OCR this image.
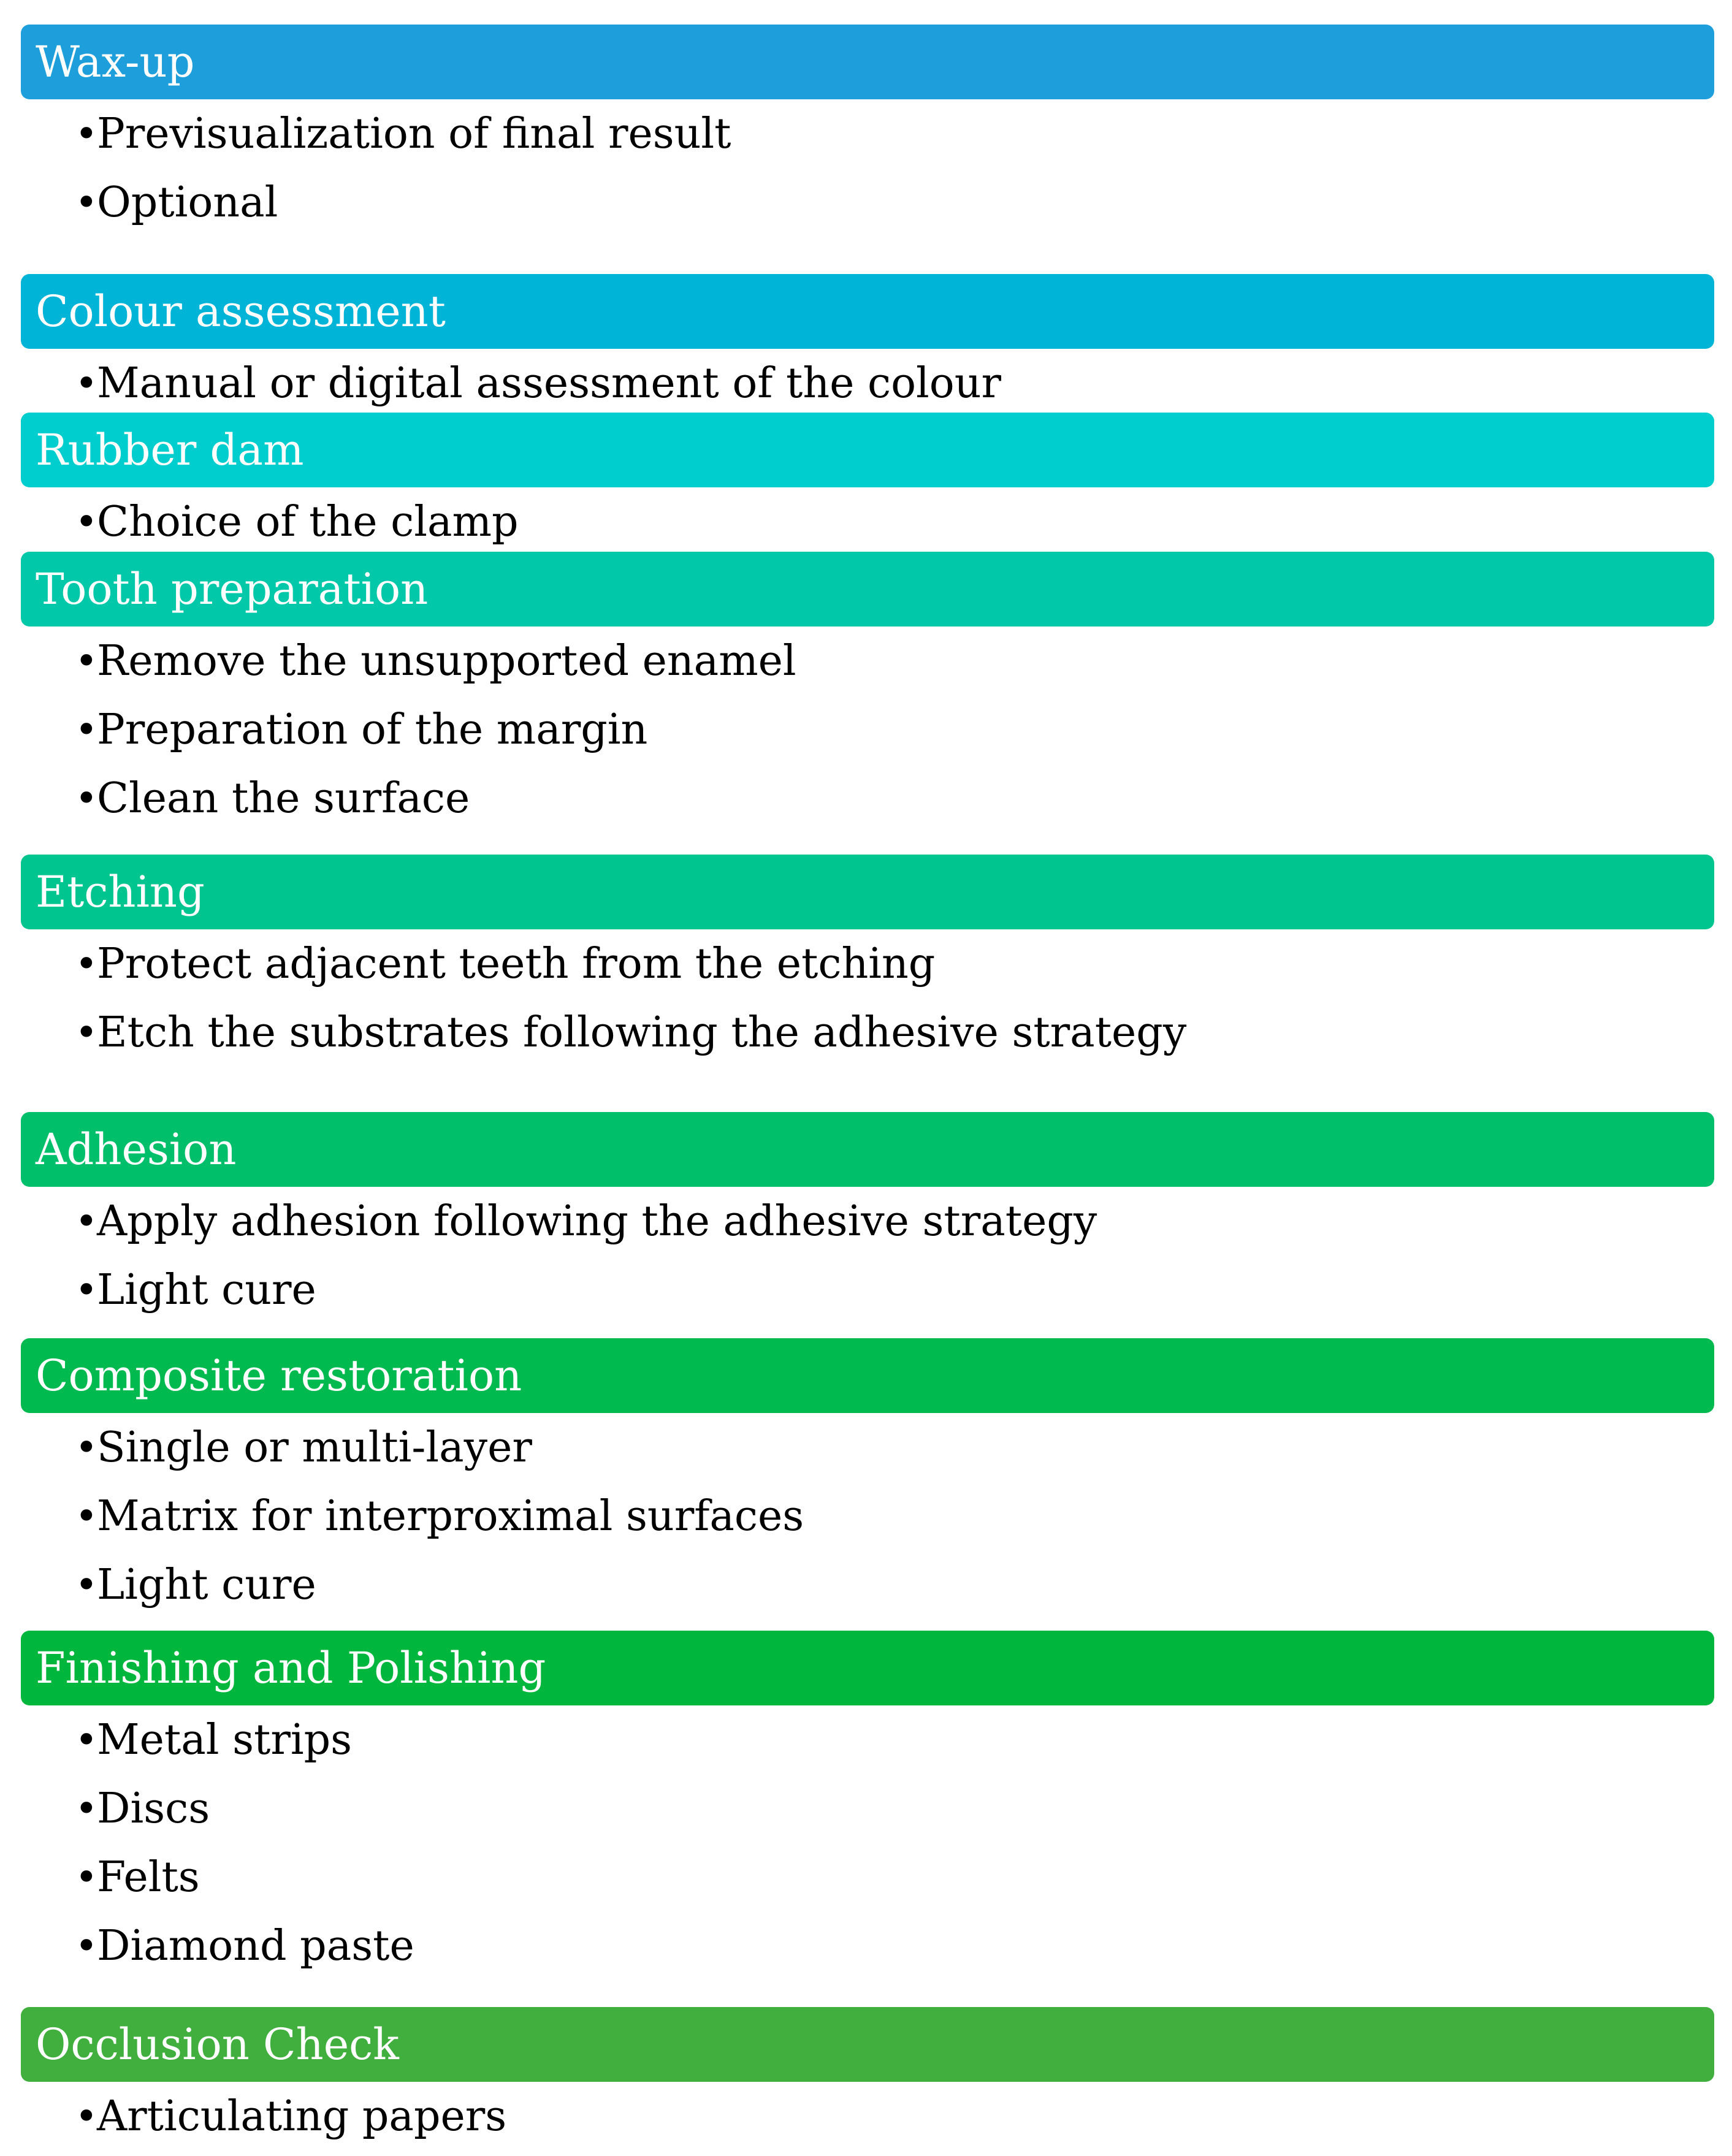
Wax-up
•
Previsualization of final result
•
Optional
Colour assessment
•
Manual or digital assessment of the colour
Rubber dam
•
Choice of the clamp
Tooth preparation
•
Remove the unsupported enamel
•
Preparation of the margin
•
Clean the surface
Etching
•
Protect adjacent teeth from the etching
•
Etch the substrates following the adhesive strategy
Adhesion
•
Apply adhesion following the adhesive strategy
•
Light cure
Composite restoration
•
Single or multi-layer
•
Matrix for interproximal surfaces
•
Light cure
Finishing and Polishing
•
Metal strips
•
Discs
•
Felts
•
Diamond paste
Occlusion Check
•
Articulating papers
